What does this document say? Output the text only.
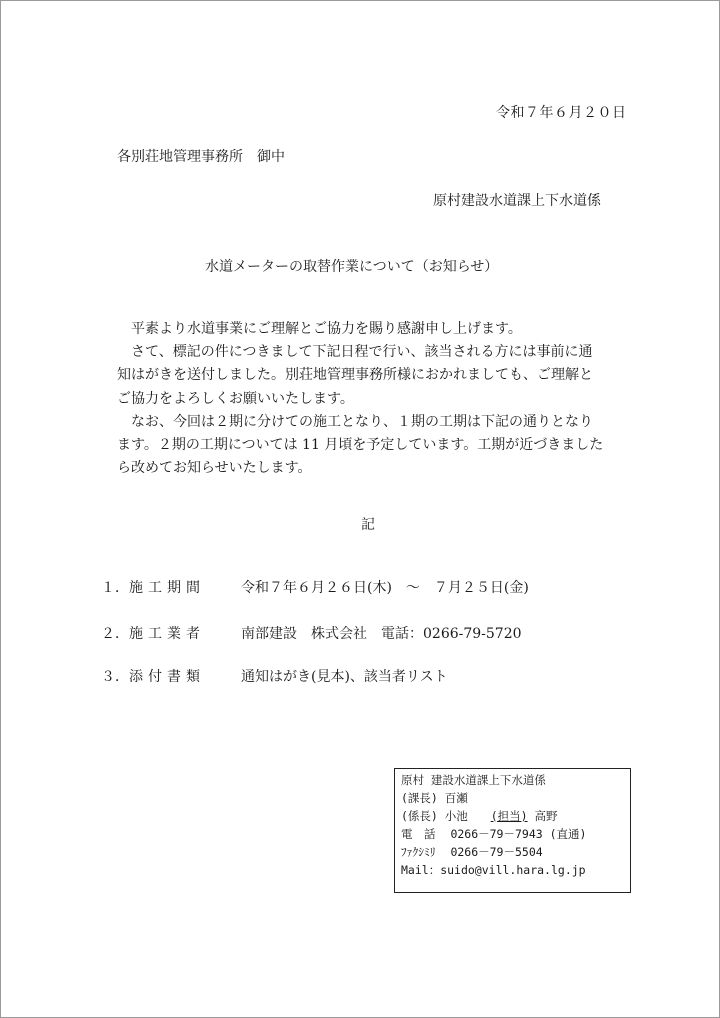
令和７年６月２０日
各別荘地管理事務所　御中
原村建設水道課上下水道係
水道メーターの取替作業について（お知らせ）

平素より水道事業にご理解とご協力を賜り感謝申し上げます。

さて、標記の件につきまして下記日程で行い、該当される方には事前に通

知はがきを送付しました。別荘地管理事務所様におかれましても、ご理解と

ご協力をよろしくお願いいたします。

なお、今回は２期に分けての施工となり、１期の工期は下記の通りとなり

ます。２期の工期については 11 月頃を予定しています。工期が近づきました

ら改めてお知らせいたします。

記
１． 施工期間	令和７年６月２６日(木)　～　７月２５日(金)
２． 施工業者	南部建設　株式会社　電話：0266-79-5720
３． 添付書類	通知はがき(見本)、該当者リスト
原村 建設水道課上下水道係
(課長) 百瀬
(係長) 小池 (担当) 高野
電　話 0266－79－7943 (直通)
ﾌｧｸｼﾐﾘ 0266－79－5504
Mail：suido@vill.hara.lg.jp
